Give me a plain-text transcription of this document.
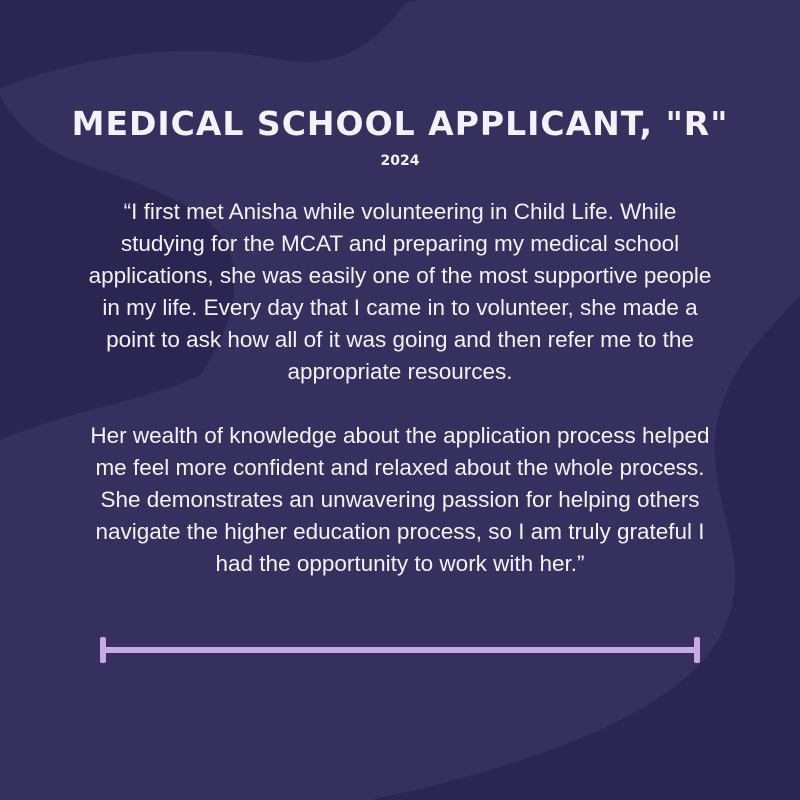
MEDICAL SCHOOL APPLICANT, "R"
2024

“I first met Anisha while volunteering in Child Life. While studying for the MCAT and preparing my medical school applications, she was easily one of the most supportive people in my life. Every day that I came in to volunteer, she made a point to ask how all of it was going and then refer me to the appropriate resources.

Her wealth of knowledge about the application process helped me feel more confident and relaxed about the whole process. She demonstrates an unwavering passion for helping others navigate the higher education process, so I am truly grateful I had the opportunity to work with her.”
